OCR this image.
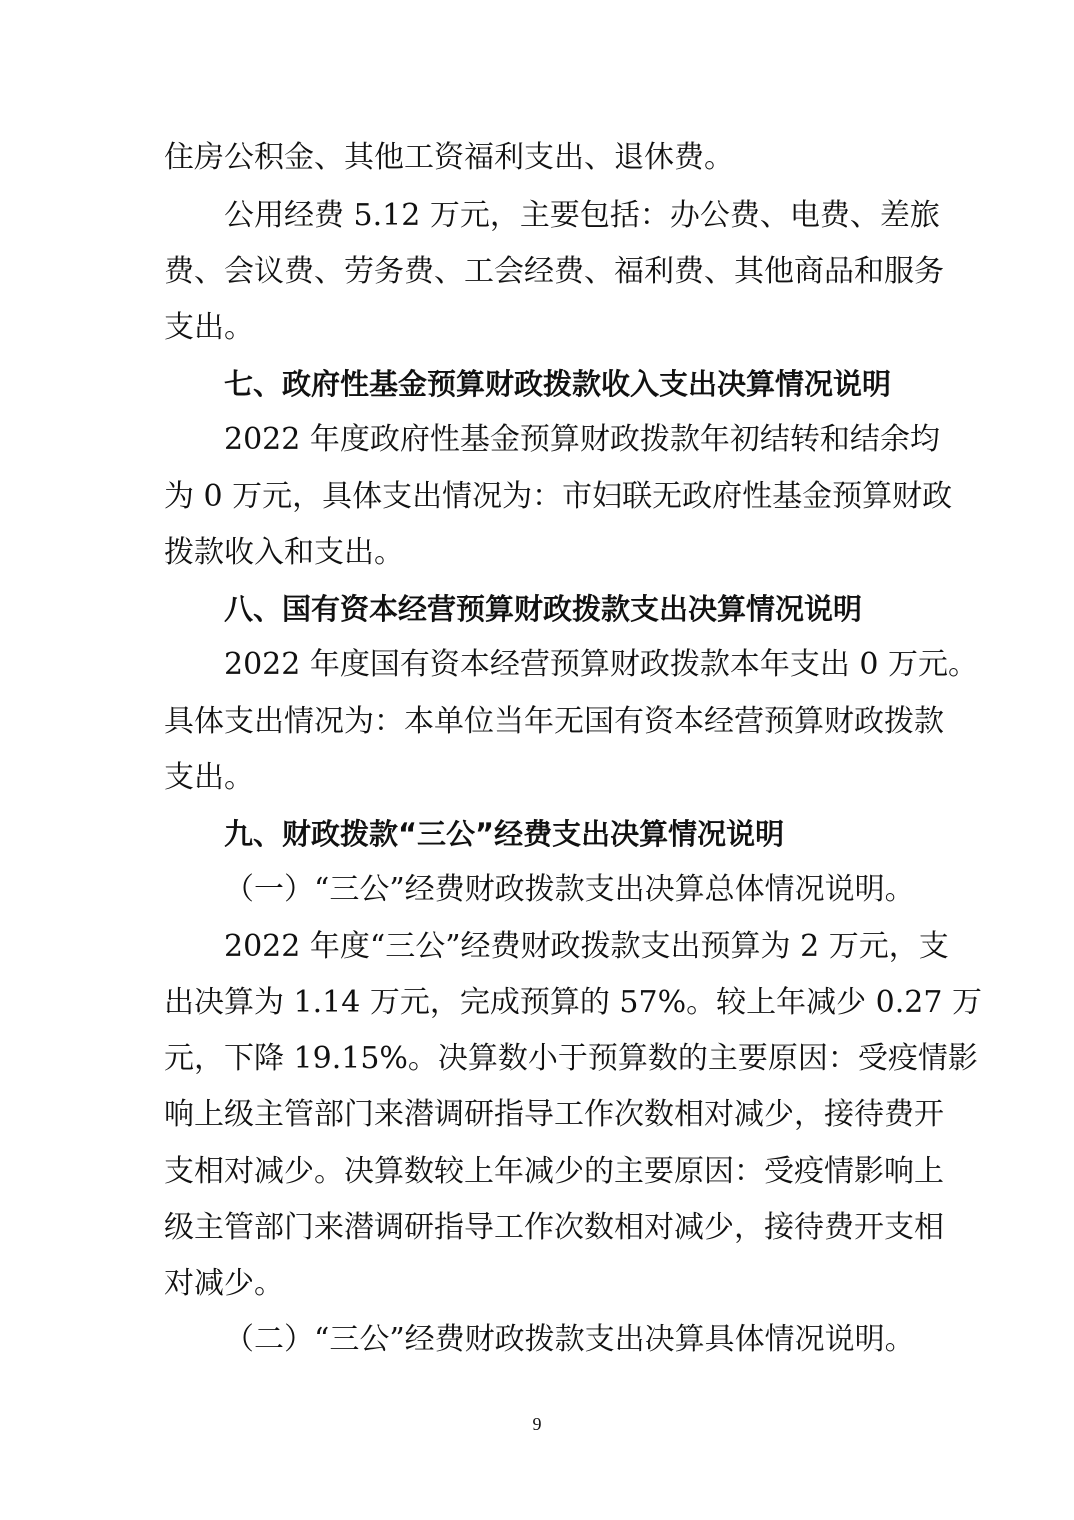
住房公积金、其他工资福利支出、退休费。
公用经费 5.12 万元，主要包括：办公费、电费、差旅
费、会议费、劳务费、工会经费、福利费、其他商品和服务
支出。
七、政府性基金预算财政拨款收入支出决算情况说明
2022 年度政府性基金预算财政拨款年初结转和结余均
为 0 万元，具体支出情况为：市妇联无政府性基金预算财政
拨款收入和支出。
八、国有资本经营预算财政拨款支出决算情况说明
2022 年度国有资本经营预算财政拨款本年支出 0 万元。
具体支出情况为：本单位当年无国有资本经营预算财政拨款
支出。
九、财政拨款“三公”经费支出决算情况说明
（一）“三公”经费财政拨款支出决算总体情况说明。
2022 年度“三公”经费财政拨款支出预算为 2 万元，支
出决算为 1.14 万元，完成预算的 57%。较上年减少 0.27 万
元，下降 19.15%。决算数小于预算数的主要原因：受疫情影
响上级主管部门来潜调研指导工作次数相对减少，接待费开
支相对减少。决算数较上年减少的主要原因：受疫情影响上
级主管部门来潜调研指导工作次数相对减少，接待费开支相
对减少。
（二）“三公”经费财政拨款支出决算具体情况说明。
9
